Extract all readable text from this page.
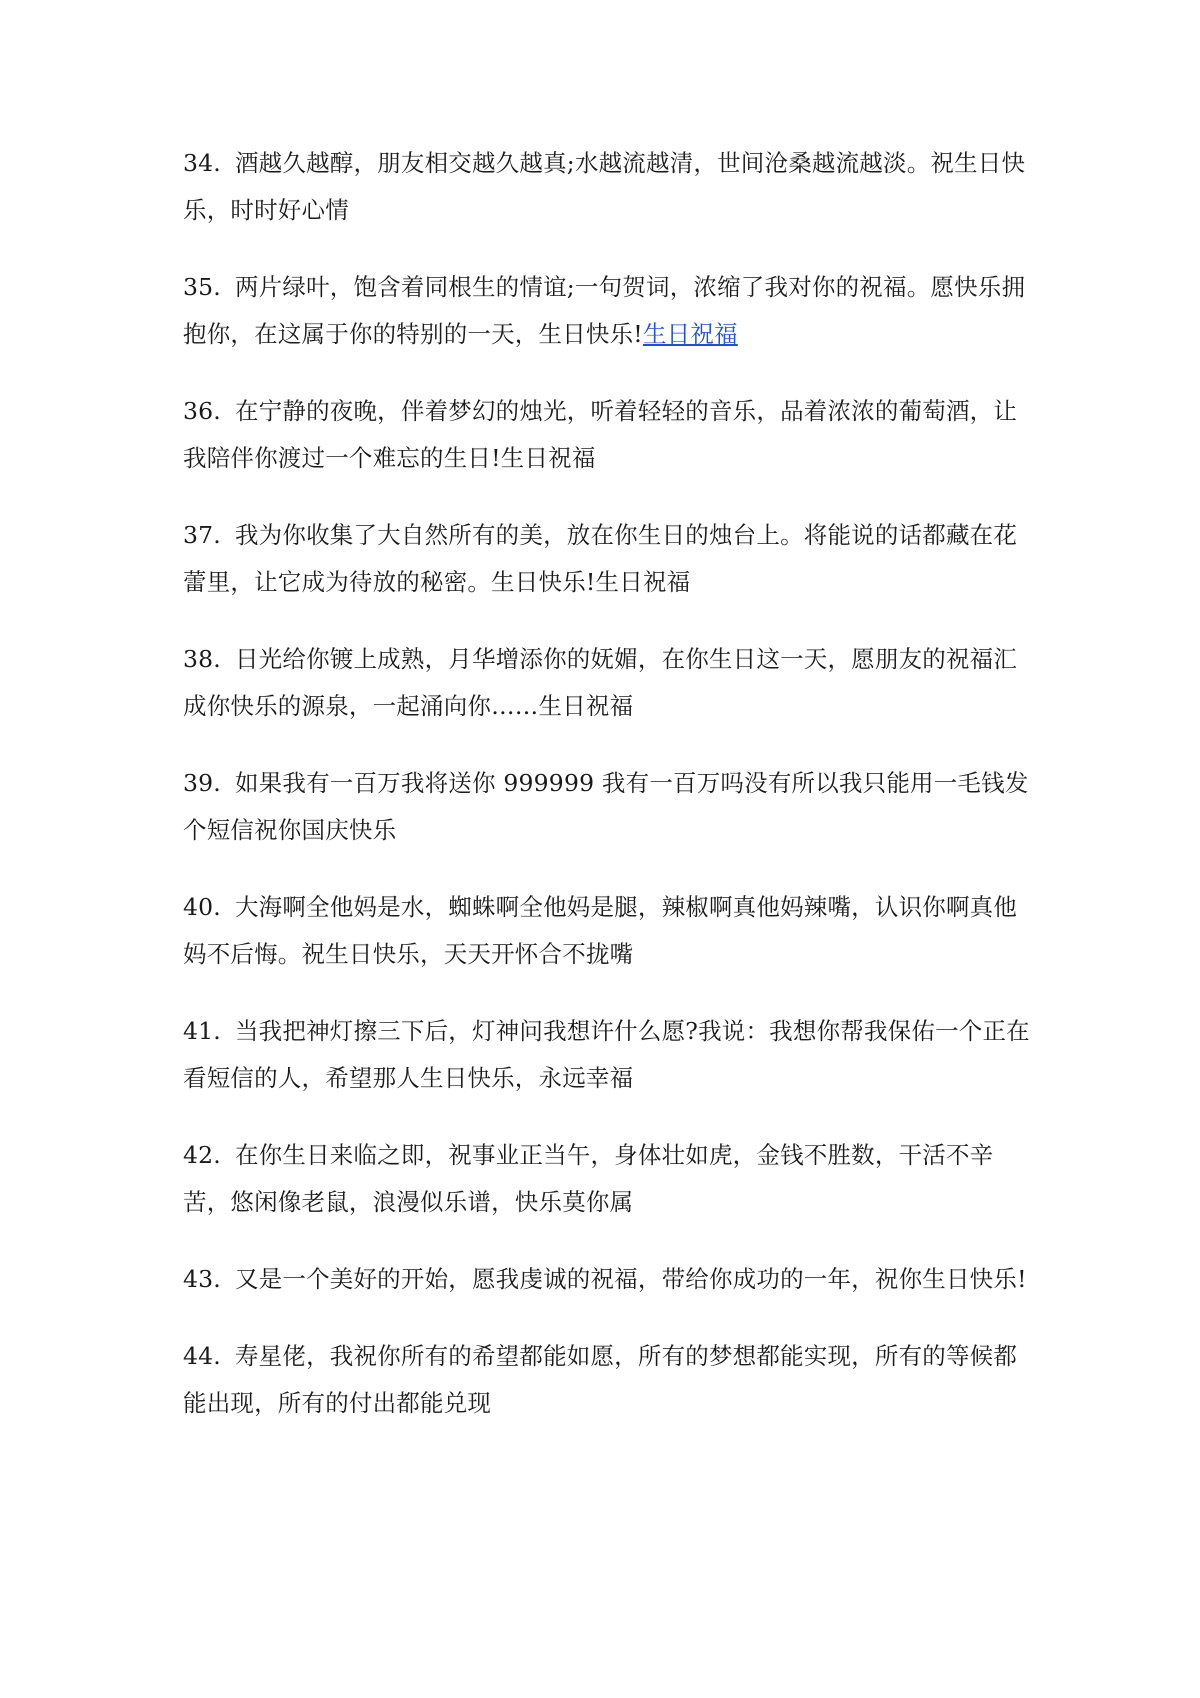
34. 酒越久越醇，朋友相交越久越真;水越流越清，世间沧桑越流越淡。祝生日快乐，时时好心情

35. 两片绿叶，饱含着同根生的情谊;一句贺词，浓缩了我对你的祝福。愿快乐拥抱你，在这属于你的特别的一天，生日快乐!生日祝福

36. 在宁静的夜晚，伴着梦幻的烛光，听着轻轻的音乐，品着浓浓的葡萄酒，让我陪伴你渡过一个难忘的生日!生日祝福

37. 我为你收集了大自然所有的美，放在你生日的烛台上。将能说的话都藏在花蕾里，让它成为待放的秘密。生日快乐!生日祝福

38. 日光给你镀上成熟，月华增添你的妩媚，在你生日这一天，愿朋友的祝福汇成你快乐的源泉，一起涌向你……生日祝福

39. 如果我有一百万我将送你 999999 我有一百万吗没有所以我只能用一毛钱发个短信祝你国庆快乐

40. 大海啊全他妈是水，蜘蛛啊全他妈是腿，辣椒啊真他妈辣嘴，认识你啊真他妈不后悔。祝生日快乐，天天开怀合不拢嘴

41. 当我把神灯擦三下后，灯神问我想许什么愿?我说：我想你帮我保佑一个正在看短信的人，希望那人生日快乐，永远幸福

42. 在你生日来临之即，祝事业正当午，身体壮如虎，金钱不胜数，干活不辛苦，悠闲像老鼠，浪漫似乐谱，快乐莫你属

43. 又是一个美好的开始，愿我虔诚的祝福，带给你成功的一年，祝你生日快乐!

44. 寿星佬，我祝你所有的希望都能如愿，所有的梦想都能实现，所有的等候都能出现，所有的付出都能兑现
